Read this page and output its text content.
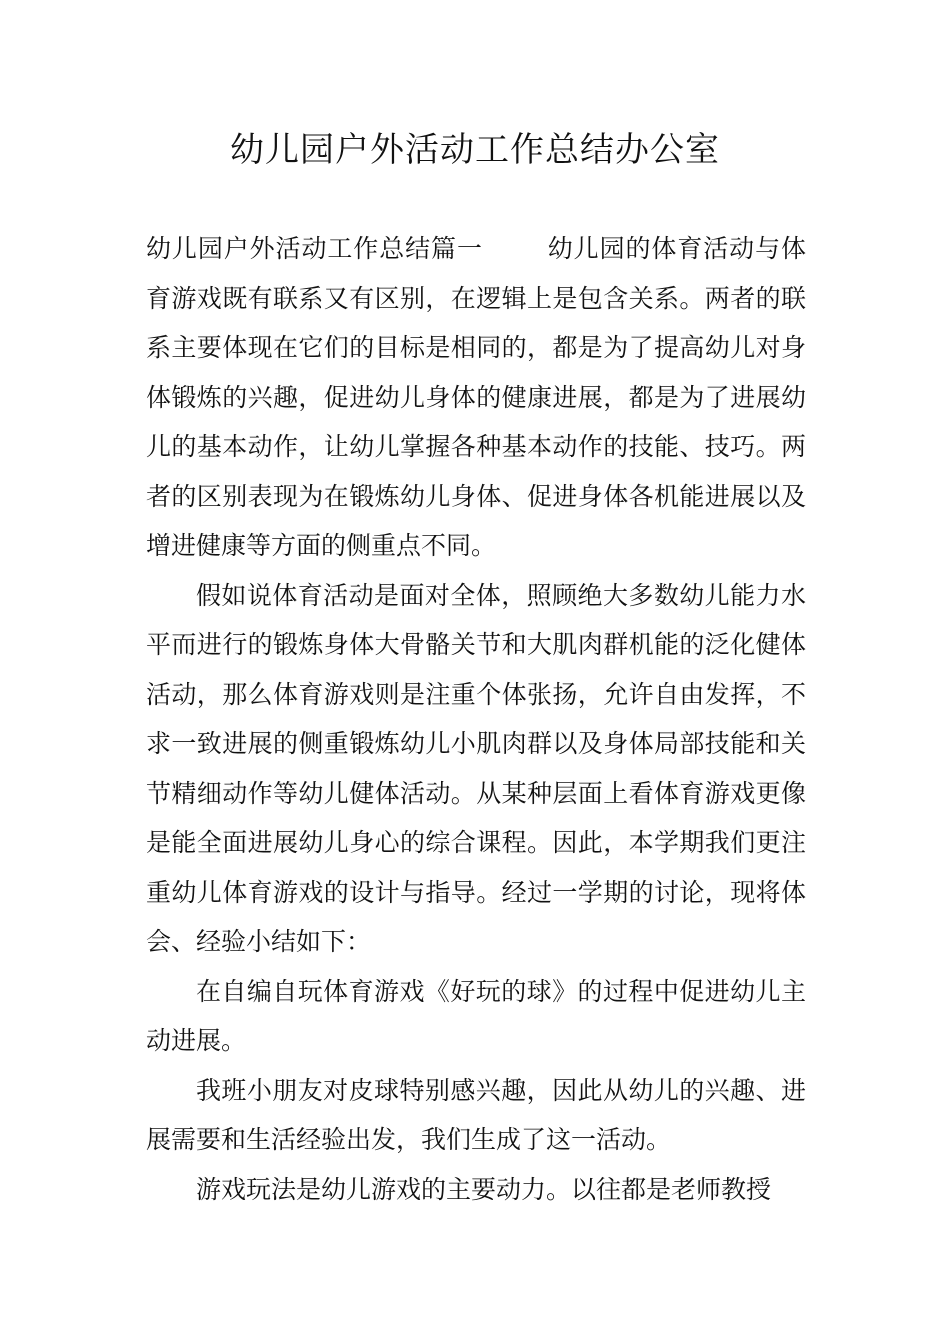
幼儿园户外活动工作总结办公室

幼儿园户外活动工作总结篇一	幼儿园的体育活动与体育游戏既有联系又有区别，在逻辑上是包含关系。两者的联系主要体现在它们的目标是相同的，都是为了提高幼儿对身体锻炼的兴趣，促进幼儿身体的健康进展，都是为了进展幼儿的基本动作，让幼儿掌握各种基本动作的技能、技巧。两者的区别表现为在锻炼幼儿身体、促进身体各机能进展以及增进健康等方面的侧重点不同。

假如说体育活动是面对全体，照顾绝大多数幼儿能力水平而进行的锻炼身体大骨骼关节和大肌肉群机能的泛化健体活动，那么体育游戏则是注重个体张扬，允许自由发挥，不求一致进展的侧重锻炼幼儿小肌肉群以及身体局部技能和关节精细动作等幼儿健体活动。从某种层面上看体育游戏更像是能全面进展幼儿身心的综合课程。因此，本学期我们更注重幼儿体育游戏的设计与指导。经过一学期的讨论，现将体会、经验小结如下：

在自编自玩体育游戏《好玩的球》的过程中促进幼儿主动进展。

我班小朋友对皮球特别感兴趣，因此从幼儿的兴趣、进展需要和生活经验出发，我们生成了这一活动。

游戏玩法是幼儿游戏的主要动力。以往都是老师教授
